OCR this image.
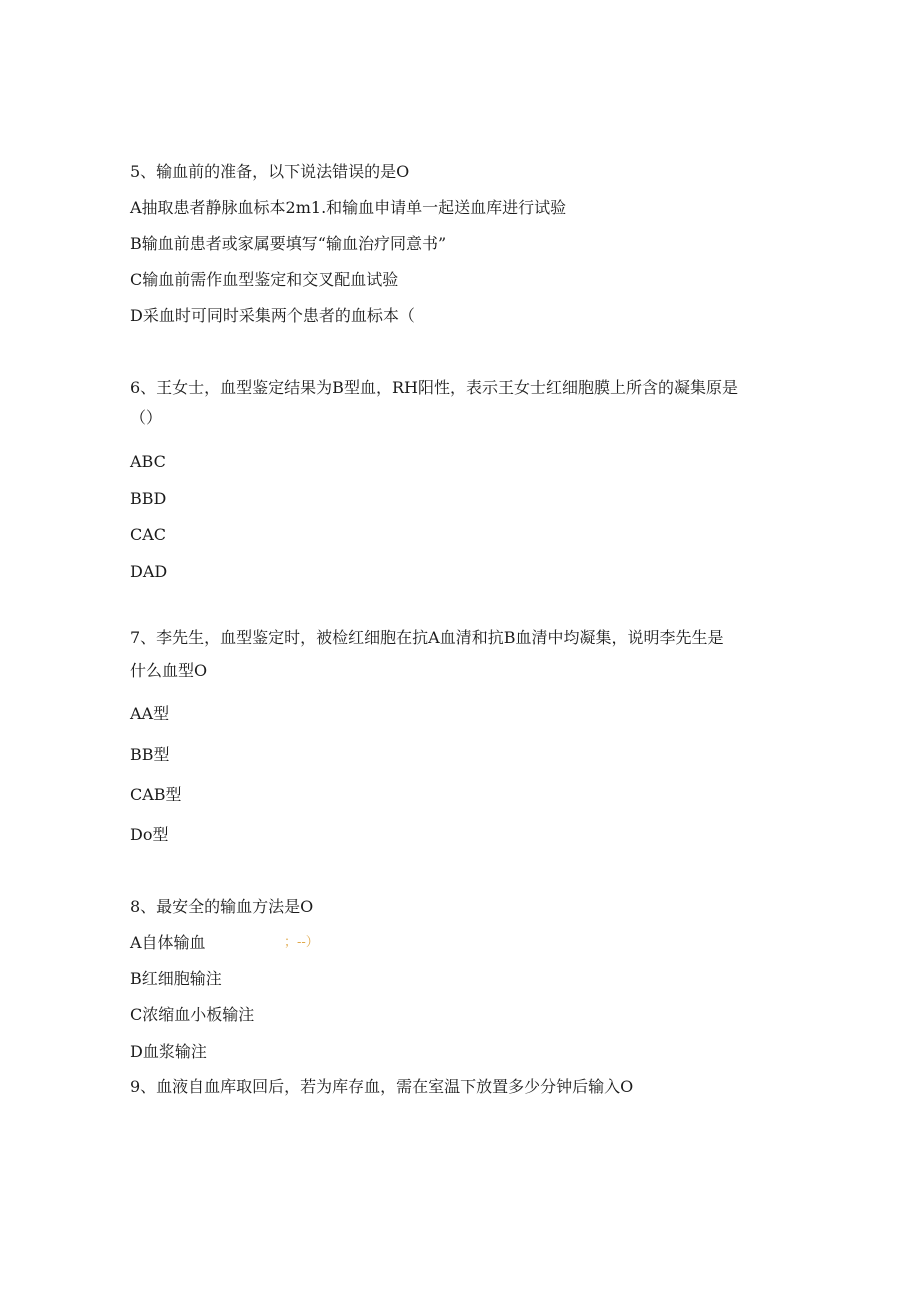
5、输血前的准备，以下说法错误的是O
A抽取患者静脉血标本2m1.和输血申请单一起送血库进行试验
B输血前患者或家属要填写“输血治疗同意书”
C输血前需作血型鉴定和交叉配血试验
D采血时可同时采集两个患者的血标本（
6、王女士，血型鉴定结果为B型血，RH阳性，表示王女士红细胞膜上所含的凝集原是
（）
ABC
BBD
CAC
DAD
7、李先生，血型鉴定时，被检红细胞在抗A血清和抗B血清中均凝集，说明李先生是
什么血型O
AA型
BB型
CAB型
Do型
8、最安全的输血方法是O
A自体输血	；--）
B红细胞输注
C浓缩血小板输注
D血浆输注
9、血液自血库取回后，若为库存血，需在室温下放置多少分钟后输入O
